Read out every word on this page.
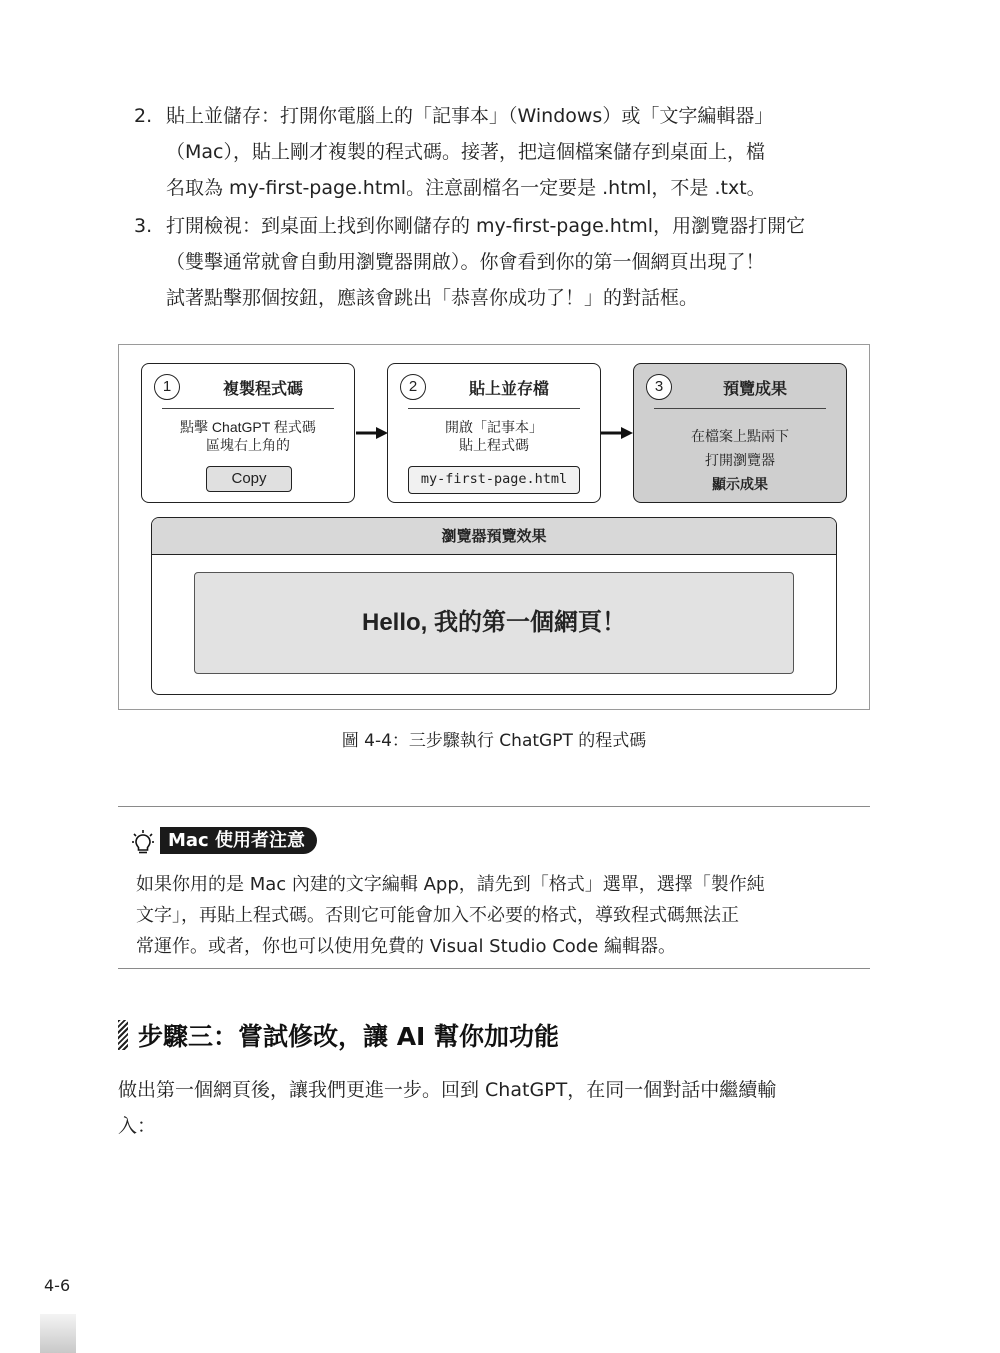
2. 貼上並儲存：打開你電腦上的「記事本」（Windows）或「文字編輯器」
（Mac），貼上剛才複製的程式碼。接著，把這個檔案儲存到桌面上，檔
名取為 my-first-page.html。注意副檔名一定要是 .html，不是 .txt。
3. 打開檢視：到桌面上找到你剛儲存的 my-first-page.html，用瀏覽器打開它
（雙擊通常就會自動用瀏覽器開啟）。你會看到你的第一個網頁出現了！
試著點擊那個按鈕，應該會跳出「恭喜你成功了！」的對話框。
1	複製程式碼
點擊 ChatGPT 程式碼
區塊右上角的
Copy
2	貼上並存檔
開啟「記事本」
貼上程式碼
my-first-page.html
3	預覽成果
在檔案上點兩下
打開瀏覽器
顯示成果
瀏覽器預覽效果
Hello, 我的第一個網頁！
圖 4-4：三步驟執行 ChatGPT 的程式碼
Mac 使用者注意
如果你用的是 Mac 內建的文字編輯 App，請先到「格式」選單，選擇「製作純
文字」，再貼上程式碼。否則它可能會加入不必要的格式，導致程式碼無法正
常運作。或者，你也可以使用免費的 Visual Studio Code 編輯器。
步驟三：嘗試修改，讓 AI 幫你加功能
做出第一個網頁後，讓我們更進一步。回到 ChatGPT，在同一個對話中繼續輸
入：
4-6
